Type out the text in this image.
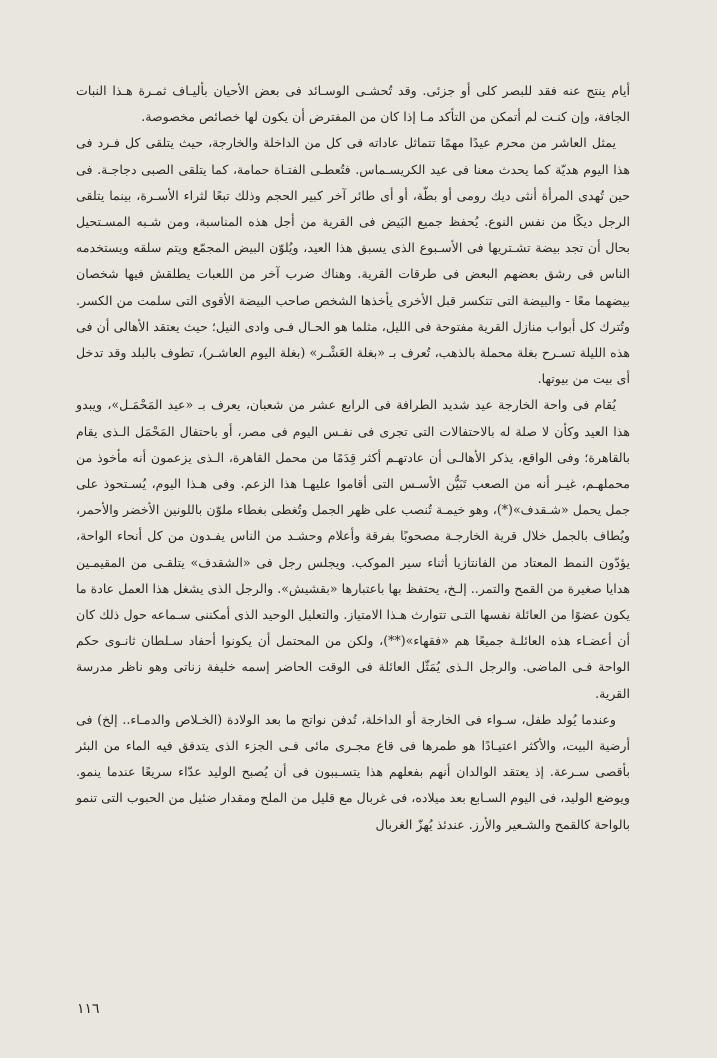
أيام ينتج عنه فقد للبصر كلى أو جزئى. وقد تُحشـى الوسـائد فى بعض الأحيان بأليـاف ثمـرة هـذا النبات الجافة، وإن كنـت لم أتمكن من التأكد مـا إذا كان من المفترض أن يكون لها خصائص مخصوصة.

يمثل العاشر من محرم عيدًا مهمًا تتماثل عاداته فى كل من الداخلة والخارجة، حيث يتلقى كل فـرد فى هذا اليوم هديّة كما يحدث معنا فى عيد الكريسـماس. فتُعطـى الفتـاة حمامة، كما يتلقى الصبى دجاجـة. فى حين تُهدى المرأة أنثى ديك رومى أو بطّة، أو أى طائر آخر كبير الحجم وذلك تبعًا لثراء الأسـرة، بينما يتلقى الرجل ديكًا من نفس النوع. يُحفظ جميع البَيض فى القرية من أجل هذه المناسبة، ومن شـبه المسـتحيل بحال أن تجد بيضة تشـتريها فى الأسـبوع الذى يسبق هذا العيد، ويُلوّن البيض المجمّع ويتم سلقه ويستخدمه الناس فى رشق بعضهم البعض فى طرقات القرية. وهناك ضرب آخر من اللعبات يطلقش فيها شخصان بيضهما معًا - والبيضة التى تتكسر قبل الأخرى يأخذها الشخص صاحب البيضة الأقوى التى سلمت من الكسر. وتُترك كل أبواب منازل القرية مفتوحة فى الليل، مثلما هو الحـال فـى وادى النيل؛ حيث يعتقد الأهالى أن فى هذه الليلة تسـرح بغلة محملة بالذهب، تُعرف بـ «بغلة العَشْـر» (بغلة اليوم العاشـر)، تطوف بالبلد وقد تدخل أى بيت من بيوتها.

يُقام فى واحة الخارجة عيد شديد الطرافة فى الرابع عشر من شعبان، يعرف بـ «عيد المَحْمَـل»، ويبدو هذا العيد وكأن لا صلة له بالاحتفالات التى تجرى فى نفـس اليوم فى مصر، أو باحتفال المَحْمَل الـذى يقام بالقاهرة؛ وفى الواقع، يذكر الأهالـى أن عادتهـم أكثر قِدَمًا من محمل القاهرة، الـذى يزعمون أنه مأخوذ من محملهـم، غيـر أنه من الصعب تَبَيُّن الأسـس التى أقاموا عليهـا هذا الزعم. وفى هـذا اليوم، يُسـتحوذ على جمل يحمل «شـقدف»(*)، وهو خيمـة تُنصب على ظهر الجمل وتُغطى بغطاء ملوّن باللونين الأخضر والأحمر، ويُطاف بالجمل خلال قرية الخارجـة مصحوبًا بفرقة وأعلام وحشـد من الناس يفـدون من كل أنحاء الواحة، يؤدّون النمط المعتاد من الفانتازيا أثناء سير الموكب. ويجلس رجل فى «الشقدف» يتلقـى من المقيمـين هدايا صغيرة من القمح والتمر.. إلـخ، يحتفظ بها باعتبارها «بقشيش». والرجل الذى يشغل هذا العمل عادة ما يكون عضوًا من العائلة نفسها التـى تتوارث هـذا الامتياز. والتعليل الوحيد الذى أمكننى سـماعه حول ذلك كان أن أعضـاء هذه العائلـة جميعًا هم «فقهاء»(**)، ولكن من المحتمل أن يكونوا أحفاد سـلطان ثانـوى حكم الواحة فـى الماضى. والرجل الـذى يُمَثّل العائلة فى الوقت الحاضر إسمه خليفة زناتى وهو ناظر مدرسة القرية.

وعندما يُولد طفل، سـواء فى الخارجة أو الداخلة، تُدفن نواتج ما بعد الولادة (الخـلاص والدمـاء.. إلخ) فى أرضية البيت، والأكثر اعتيـادًا هو طمرها فى قاع مجـرى مائى فـى الجزء الذى يتدفق فيه الماء من البئر بأقصى سـرعة. إذ يعتقد الوالدان أنهم بفعلهم هذا يتسـببون فى أن يُصبح الوليد عدّاء سريعًا عندما ينمو. ويوضع الوليد، فى اليوم السـابع بعد ميلاده، فى غربال مع قليل من الملح ومقدار ضئيل من الحبوب التى تنمو بالواحة كالقمح والشـعير والأرز. عندئذ يُهزّ الغربال

١١٦
